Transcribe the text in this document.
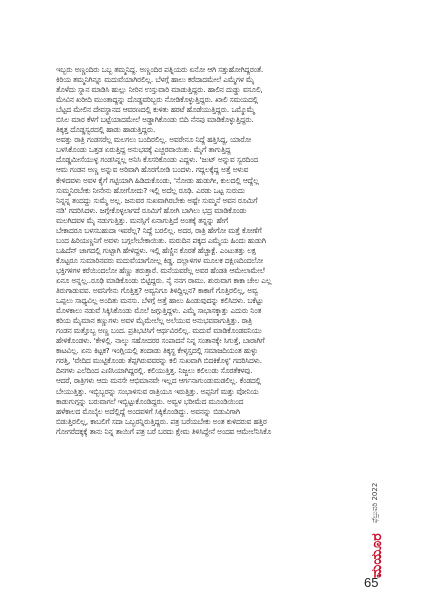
ಇಬ್ಬರು ಅಣ್ಣಂದಿರು ಒಬ್ಬ ತಮ್ಮನಿದ್ದ. ಅಣ್ಣಂದಿರ ಪತ್ನಿಯರು ಏನೋ ಆಗಿ ಸತ್ತುಹೋಗಿದ್ದರಂತೆ.
ಕಿರಿಯ ತಮ್ಮನಿಗಿನ್ನೂ ಮದುವೆಯಾಗಿರಲಿಲ್ಲ. ಬೆಳಗ್ಗೆ ಹಾಲು ಕರೆದಾದಮೇಲೆ ಎಮ್ಮೆಗಳ ಮೈ
ತೊಳೆದು ಸ್ನಾನ ಮಾಡಿಸಿ ಹುಲ್ಲು ನೀರಿನ ಉಸ್ತುವಾರಿ ಮಾಡುತ್ತಿದ್ದರು. ಹಾಲಿನ ದುಡ್ಡು ವಸೂಲಿ,
ಮೇವಿನ ಖರೀದಿ ಮುಂತಾದ್ದನ್ನು ದೊಡ್ಡವರಿಬ್ಬರು ನೋಡಿಕೊಳ್ಳುತ್ತಿದ್ದರು. ಖಾಲಿ ಸಮಯದಲ್ಲಿ
ಬೆಟ್ಟದ ಮೇಲಿನ ದೇವಸ್ಥಾನದ ಆವರಣದಲ್ಲಿ ಕುಳಿತು ಹರಟೆ ಹೊಡೆಯುತ್ತಿದ್ದರು. ಒಮ್ಮೊಮ್ಮೆ
ಬಿಸಿಲ ಮಾರ ಕೆಳಗೆ ಬಟ್ಟೆಯಾದಮೇಲೆ ಅಡ್ಡಾಗಿಕೊಂಡು ಬಿದಿ ನೆನಪು ಮಾಡಿಕೊಳ್ಳುತ್ತಿದ್ದರು.
ತಿಕ್ಕತ್ತ ದೊಡ್ಡಸ್ವರದಲ್ಲಿ ಹಾಡು ಹಾಡುತ್ತಿದ್ದರು.
ಅವತ್ತು ರಾತ್ರಿ ಗಂಡಸರೆಲ್ಲ ಮಲಗಲು ಬಂದಿರಲಿಲ್ಲ. ಅವರೇನೂ ನಿದ್ದೆ ಹತ್ತಿಸಿದ್ದ, ಯಾರೋ
ಬಳಸಿಕೊಂಡು ಒತ್ತಡ ಏರುತ್ತಿದ್ದ ಅನುಭವಕ್ಕೆ ಎಚ್ಚರವಾಯಿತು. ಮೈಗೆ ತಾಗುತ್ತಿದ್ದ
ದೊಡ್ಡಮೀಸೆಯುಳ್ಳ ಗಂಡಸಿನ್ನಲ್ಲ ಅನಿಸಿ ಕೊಸರಿಕೊಂಡು ಎದ್ದಳು. 'ಜುಟ್ ಅನ್ನುವ ಸ್ವರದಿಂದ
ಆಮ ಗಂಡನ ಅಣ್ಣ ಅನ್ನುವ ಅರಿವಾಗಿ ಹೊರಗೋಡಿ ಬಂದಳು. ಗದ್ದಲಕ್ಕೆದ್ದ ಅತ್ತೆ ಅಳುವ
ಕೇಳಿದವಳು ಅವಳ ಕೈಗೆ ಗಟ್ಟಿಯಾಗಿ ಹಿಡಿದುಕೊಂಡು, 'ನೋಡು ಹುಡುಗೀ, ಕುಲದಲ್ಲಿ ಆದ್ದೆಲ್ಲ
ಸುಮ್ಮನಿರಬೇಕು ನೀನೇನು ಹೋಗೋದು? ಇಲ್ಲಿ ಅದೆಲ್ಲ ರೂಢಿ. ಎರಡು ಒಟ್ಟ ಸುರುದು
ನಿನ್ನನ್ನ ತಂದದ್ದು ಸುಮ್ಮೆ ಅಲ್ಲ. ಜನುವರ ಸುಖವಾಗಿರಬೇಕು ಅಷ್ಟೇ ಸುಮ್ಮನೆ ಅವನ ರೂಮಿಗೆ
ನಡಿ' ಗದರಿಸಿದಳು. ಜಗ್ಗೇಕೊಳ್ಳಲಾಗದೆ ರೂಮಿಗೆ ಹೋಗಿ ಬಾಗಿಲು ಭದ್ರ ಮಾಡಿಕೊಂಡು
ಮಲಗಿದವಳ ಮೈ ನಡುಗುತ್ತಿತ್ತು. ಮನಸ್ಸಿಗೆ ಏನಾಗುತ್ತಿದೆ ಅಂತಕ್ಕೆ ತನ್ನನ್ನು ಹೇಗೆ
ಬೇಕಾದರೂ ಬಳಸಬಹುದಾ ಇವರೆಲ್ಲ? ನಿದ್ದೆ ಬರಲಿಲ್ಲ. ಅದರ, ರಾತ್ರಿ ಹೇಗೋ ಮತ್ತೆ ಕೋಣೆಗೆ
ಬಂದ ಹಿರಿಯಣ್ಣನಿಗೆ ಅವಳು ಬಗ್ಗಲೇಬೇಕಾಯಿತು. ಮರುದಿನ ಪಕ್ಕದ ಎಮ್ಮೆಯ ಹಿಂದು ಹುಡುಗಿ
ಬಹಿದೆನ್ ಜಾಗದಲ್ಲಿ ಗುಟ್ಟಾಗಿ ಹೇಳಿದ್ದಳು. ಇಲ್ಲಿ ಹೆಣ್ಣಿನ ಕೊರತೆ ಹೆಚ್ಚಾಕ್ಟೆ. ಎಂಟುತತ್ತು ಲಕ್ಷ
ಕೊಟ್ಟರೂ ಸುಮಾರಿನವರು ಮದುವೆಯಾಗೋಲ್ಲ ಕಿಡ್ಡ. ದಲ್ಲಾಳಿಗಳ ಮೂಲಕ ದಕ್ಷಿಣದಿಂದಲೋ
ಭಕ್ತಿಗಳಿಗಳ ಕರೆಯಿಂದಲೋ ಹೆಣ್ಣು ತರುತ್ತಾರೆ. ಮನೆಯವರೆಲ್ಲ ಅವರ ಹೆಂಡತಿ ಆಮೇಲಾಮೇಲೆ
ಏನೂ ಅನ್ನಲ್ಲ..ರೂಢಿ ಮಾಡಿಕೊಂಡು ಬಿಟ್ಟಿದ್ದರು. ನೈ ನನಗ ರಾಮು. ಶುರುವಾಗ ಕಾಕಾ ಚೇಲ ಎಲ್ಲ
ತಿರುಗಾಡುವವ. ಅವನಿಗೇನು ಗೊತ್ತಿತ್ತ? ಅವ್ವನಿಗೂ ತಿಳಿದ್ದಿಲ್ಲನ? ಕಾಕಾಗೆ ಗೊತ್ತಿರಲಿಲ್ಲ, ಅವ್ವ
ಒಪ್ಪಲು ಸಾಧ್ಯವಿಲ್ಲ ಅಂದಿತು ಮನಸು. ಬೆಳಗ್ಗೆ ಅತ್ತೆ ಹಾಲು ಹಿಂಡುವುದನ್ನು ಕಲಿಸಿದಳು. ಬಕೆಟ್ಟು
ಮೊಳಕಾಲು ನಡುವೆ ಸಿಕ್ಕಿಸಿಕೊಂಡು ಮೊಲೆ ಜಗ್ಗುತ್ತಿದ್ದಳು. ಎಮ್ಮೆ ಸಾಭಾಸಕ್ಕಾತ್ತು ಎದುರು ನಿಂತ
ಕರಿಯ ಮೈಮಾನ ಕಣ್ಣುಗಳು ಅವಳ ಮೈಮೇಲೆಲ್ಲ ಅಲೆಯುವ ಅನುಭವವಾಗುತ್ತಿತ್ತು. ರಾತ್ರಿ
ಗಂಡನ ಮತ್ತೊಬ್ಬ ಅಣ್ಣ ಬಂದ. ಪ್ರತಿಭಟಿಸಿಗೆ ಆರ್ಥವಿರಲಿಲ್ಲ. ಮದುವೆ ಮಾಡಿಕೊಂಡವನಿಯು
ಹೇಳಿಕೊಂಡಳು. 'ಕೇಳಿಲ್ಲಿ. ನಾಲ್ಕು ಸಹೋದರರ ಸಂಪಾದನೆ ನಿನ್ನ ಸಂತಾನಕ್ಕೇ ಸಿಗುತ್ತೆ, ಬಾರಾಗಿಗೆ
ಕಾಟವಿಲ್ಲ. ಏನು ಕಿಟ್ಟಕ? ಇಂಗ್ಲಿಯಲ್ಲಿ ತಂದಾಡು ತಿಕ್ಕಸ್ಥ ಕೇಳ್ಕಸ್ತದಲ್ಲಿ ಸಮಾಜದಿಯಂತ ಹುಳ್ಳು
ಗರತ್ತಿ, 'ವೇದಿದ ಮುಟ್ಟಿಕೊಂಡು ತೆಪ್ಪಗಿರುವವರನ್ನು ಕಲಿ ಸುಖವಾಗಿ ಬಿದಕಿಕೊಳ್ಳ' ಗದರಿಸಿದಳು.
ದಿನಗಳು ಎಲೆದಿಂದ ಎಣಿಸಿಯಾಗಿದ್ದರಲ್ಲಿ. ಕಲಿಯುತ್ತಿತ್ತ. ನಿಜ್ಜಲು ಕಲಿಲುಡು ಸೊರತೆಕಳವು.
ಆದರೆ, ರಾತ್ರಿಗಳು ಆದು ಮನಸೇ ಆಭಿಮಾನವೇ ಇಲ್ಲದ ಆರ್ಗನಾಗುಂಡುಮಡಲಿಲ್ಲ. ಕೆಂಡದಲ್ಲಿ
ಬೇಯುತ್ತಿತ್ತು. ಇಬ್ಬಿಬ್ಬರನ್ನು ಸಂಭಾಳಿಸುವ ರಾತ್ರಿಯೂ ಇರುತ್ತಿತ್ತು. ಅಪ್ಪನಿಗೆ ಮತ್ತು ವೋನಿಯ
ಕಾಡುಗುಗ್ಗನ್ನು ಬರುವಾಗಲೆ ಇಬ್ಬಿಟ್ಟುಕೊಂಡಿದ್ದರು. ಅವ್ವಳ ಭರೀಮೆದ ಮೂಂಡಿಯಿಂದ
ಹಳೆಕಾಲದ ಮೊಬೈಲ ಅದೆಲ್ಲಿದ್ದೆ ಅಂದವಳಿಗೆ ಸಿಕ್ಕಿಕೊಂಡಿದ್ದು. ಅವನನ್ನು ಬಿಡುವಿಗಾಗಿ
ಬಿಡುತ್ತಿರಲಿಲ್ಲ, ಕಾಬಲಿಗೆ ಸದಾ ಒಬ್ಬರನ್ನಿರುತ್ತಿದ್ದರು. ಪತ್ರ ಬರೆಯಬೇಕು ಅಂತ ಕುಳಿದರುವ ಹತ್ತಿರ
ಗೋಗರೆದಕ್ಕಕ್ಕೆ ತಾನು ನಿನ್ನ ತಾಯಿಗೆ ಪತ್ರ ಬರೆ ಬರದು ಕ್ಷೇಮ ತಿಳಿಸಿದ್ದೇನೆ ಅಂದವ ಆಮೇಲೆನಿಸಿಕೊ
ಮಯೂರ
ಫೆಬ್ರುವರಿ 2022
65
